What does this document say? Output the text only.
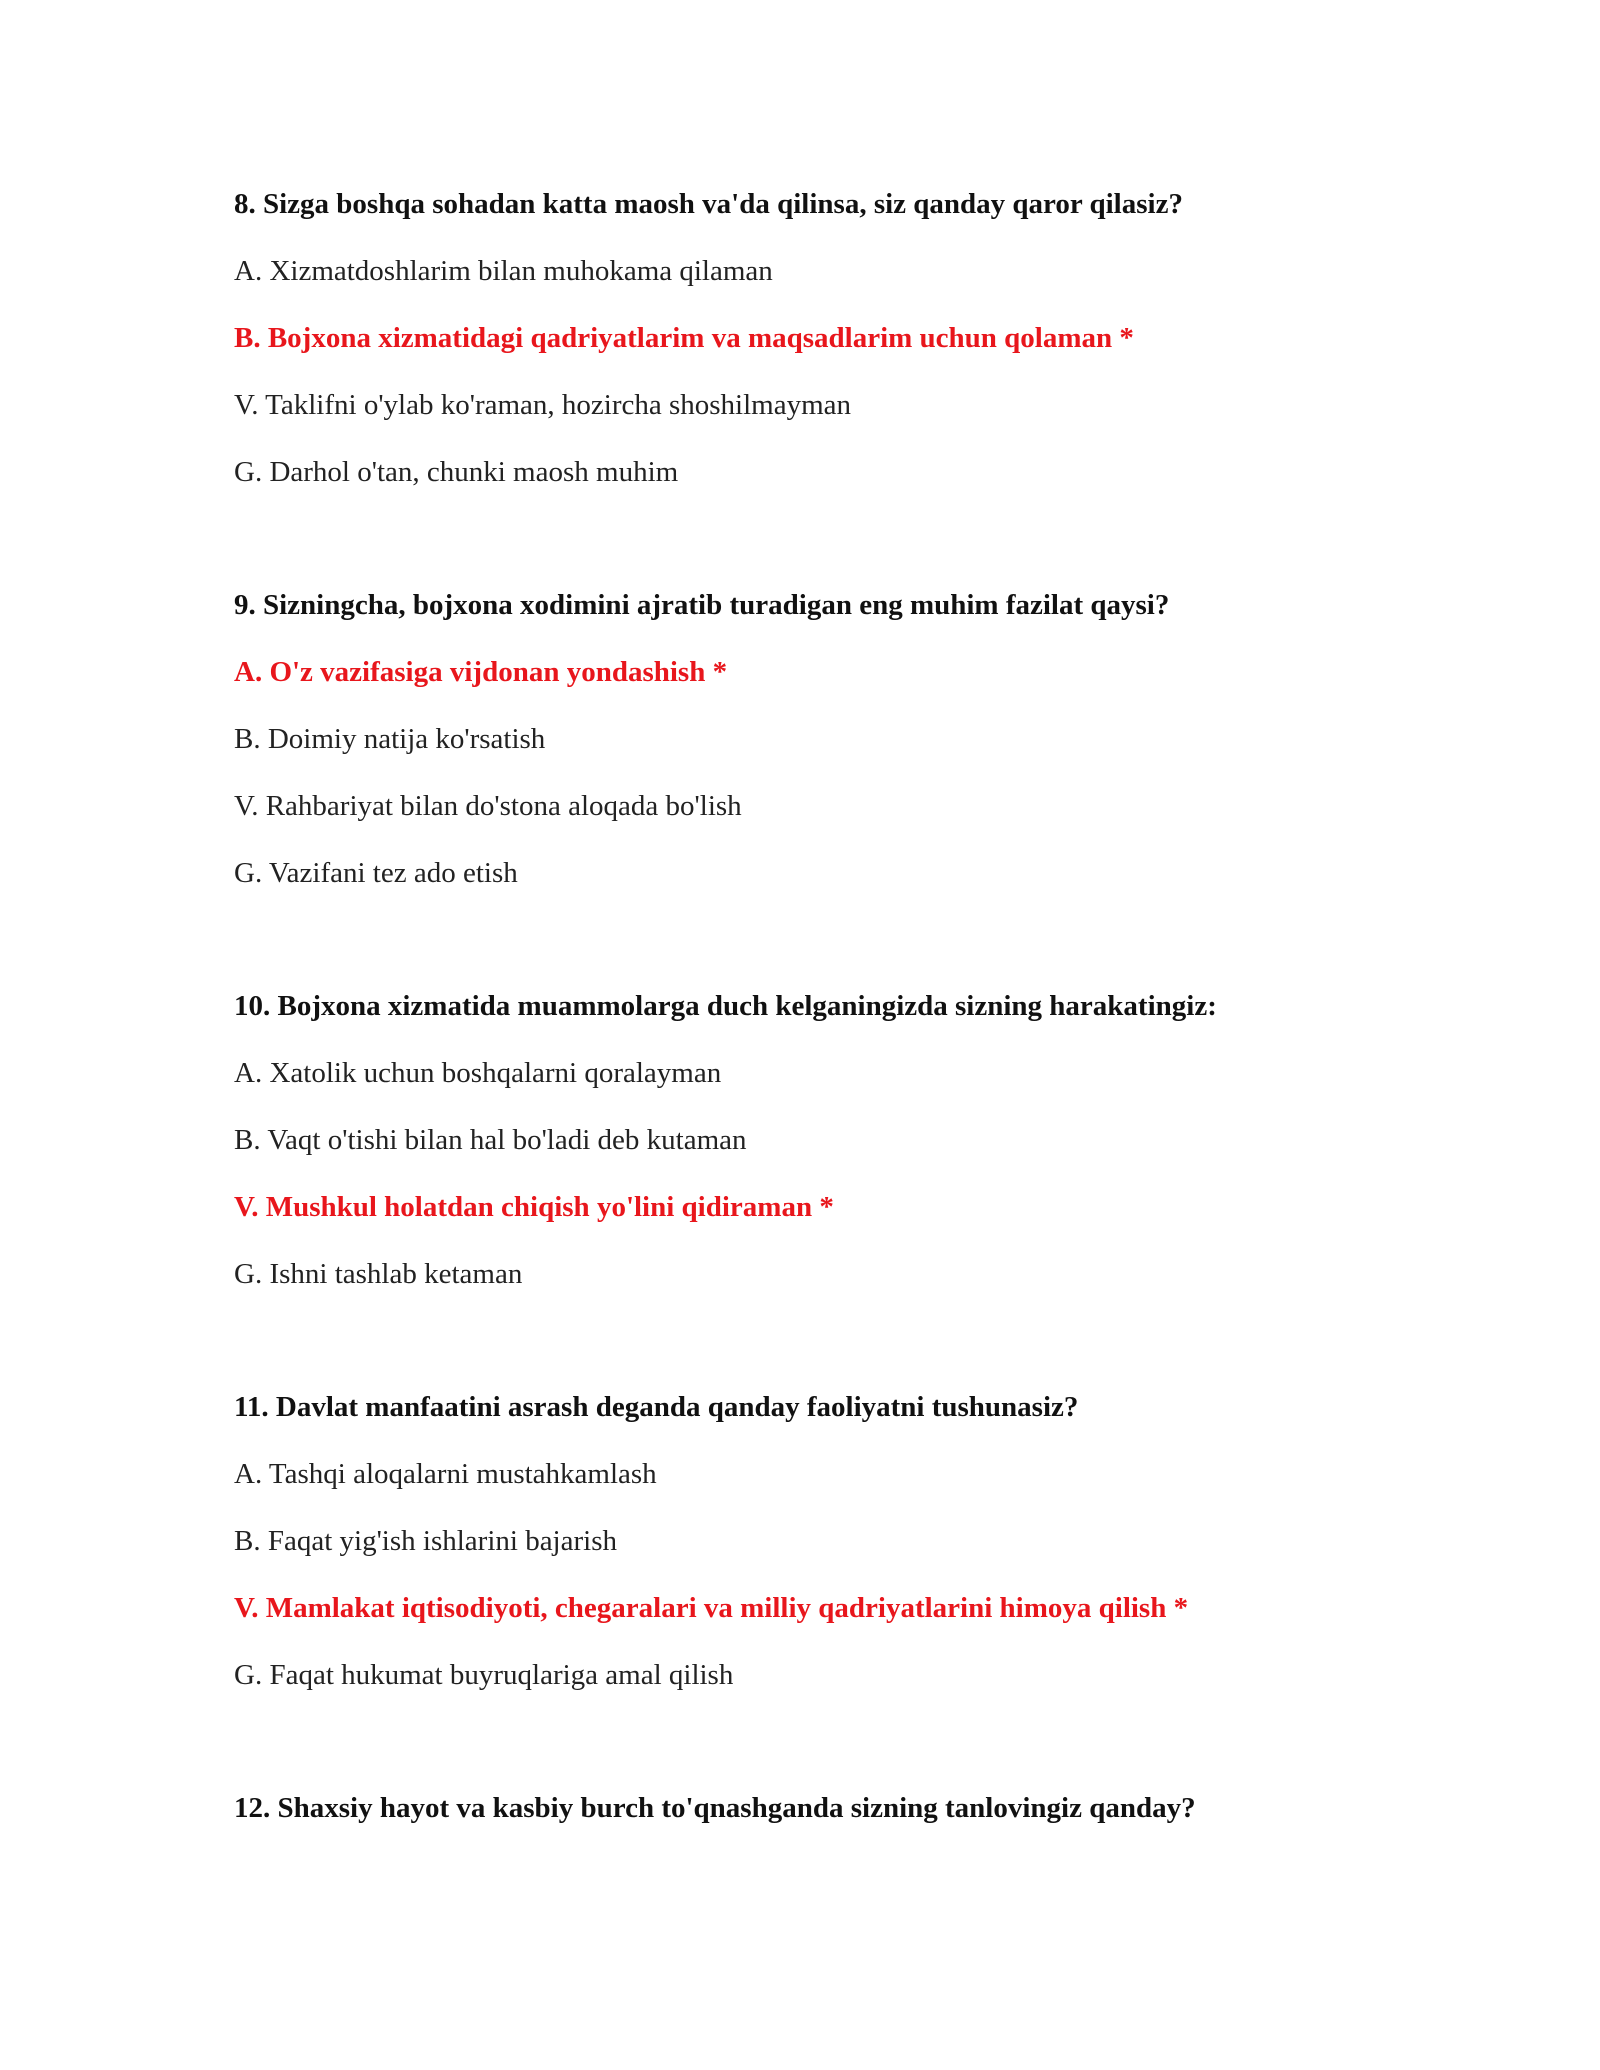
8. Sizga boshqa sohadan katta maosh va'da qilinsa, siz qanday qaror qilasiz?
A. Xizmatdoshlarim bilan muhokama qilaman
B. Bojxona xizmatidagi qadriyatlarim va maqsadlarim uchun qolaman *
V. Taklifni o'ylab ko'raman, hozircha shoshilmayman
G. Darhol o'tan, chunki maosh muhim
9. Sizningcha, bojxona xodimini ajratib turadigan eng muhim fazilat qaysi?
A. O'z vazifasiga vijdonan yondashish *
B. Doimiy natija ko'rsatish
V. Rahbariyat bilan do'stona aloqada bo'lish
G. Vazifani tez ado etish
10. Bojxona xizmatida muammolarga duch kelganingizda sizning harakatingiz:
A. Xatolik uchun boshqalarni qoralayman
B. Vaqt o'tishi bilan hal bo'ladi deb kutaman
V. Mushkul holatdan chiqish yo'lini qidiraman *
G. Ishni tashlab ketaman
11. Davlat manfaatini asrash deganda qanday faoliyatni tushunasiz?
A. Tashqi aloqalarni mustahkamlash
B. Faqat yig'ish ishlarini bajarish
V. Mamlakat iqtisodiyoti, chegaralari va milliy qadriyatlarini himoya qilish *
G. Faqat hukumat buyruqlariga amal qilish
12. Shaxsiy hayot va kasbiy burch to'qnashganda sizning tanlovingiz qanday?
